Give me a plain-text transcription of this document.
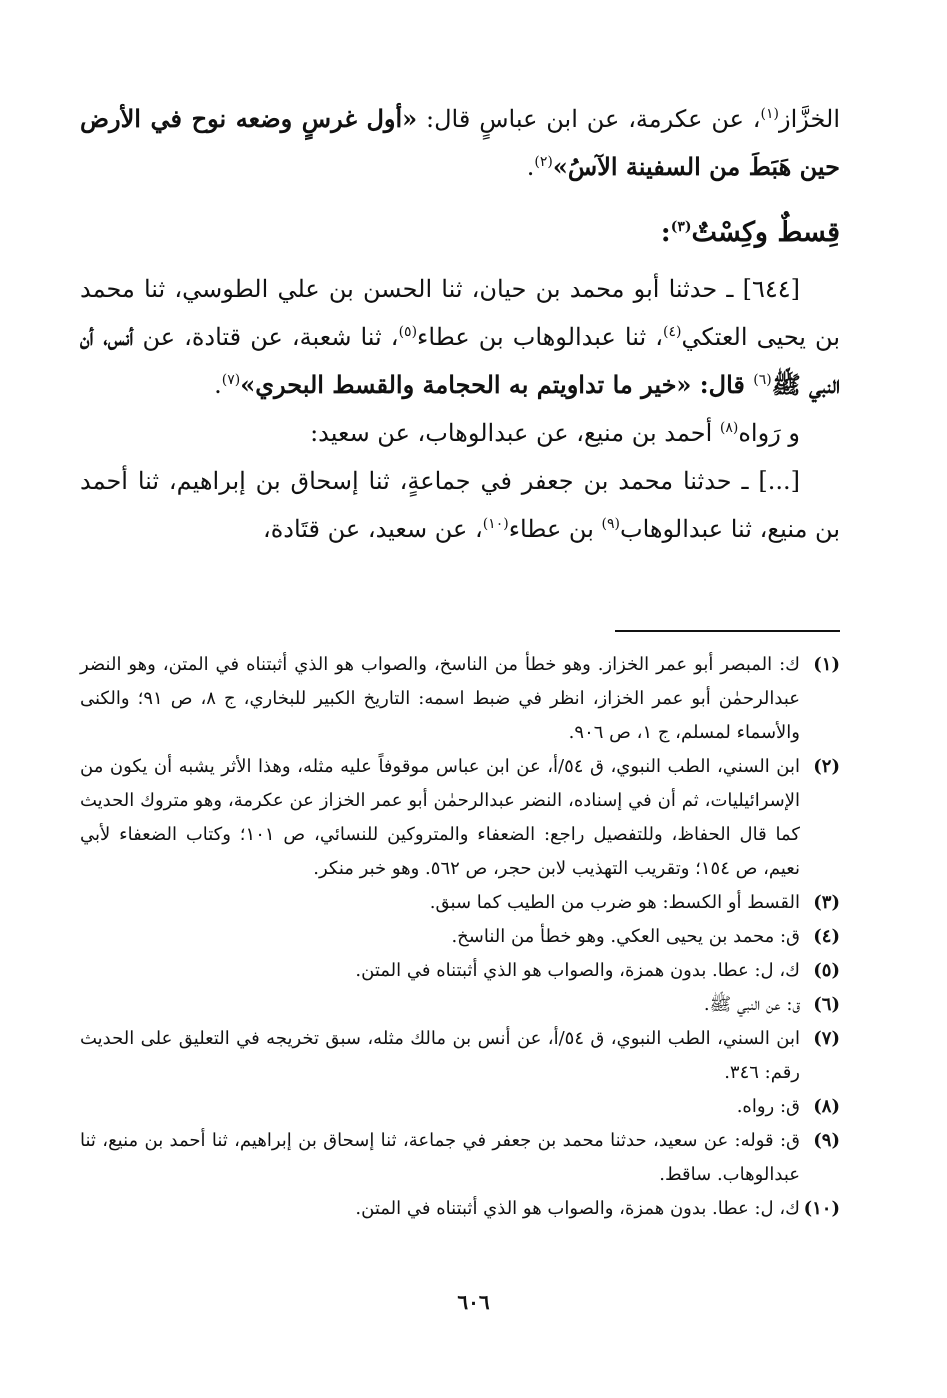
الخزَّاز$^{(١)}$، عن عكرمة، عن ابن عباسٍ قال: «أول غرسٍ وضعه نوح في الأرض حين هَبَطَ من السفينة الآسُ»$^{(٢)}$.

قِسطٌ وكِسْتٌ$^{(٣)}$:

[٦٤٤] ـ حدثنا أبو محمد بن حيان، ثنا الحسن بن علي الطوسي، ثنا محمد بن يحيى العتكي$^{(٤)}$، ثنا عبدالوهاب بن عطاء$^{(٥)}$، ثنا شعبة، عن قتادة، عن أنس، أن النبي ﷺ$^{(٦)}$ قال: «خير ما تداويتم به الحجامة والقسط البحري»$^{(٧)}$.

و رَواه$^{(٨)}$ أحمد بن منيع، عن عبدالوهاب، عن سعيد:

[...] ـ حدثنا محمد بن جعفر في جماعةٍ، ثنا إسحاق بن إبراهيم، ثنا أحمد بن منيع، ثنا عبدالوهاب$^{(٩)}$ بن عطاء$^{(١٠)}$، عن سعيد، عن قتَادة،

(١)
ك: المبصر أبو عمر الخزاز. وهو خطأ من الناسخ، والصواب هو الذي أثبتناه في المتن، وهو النضر عبدالرحمٰن أبو عمر الخزاز، انظر في ضبط اسمه: التاريخ الكبير للبخاري، ج ٨، ص ٩١؛ والكنى والأسماء لمسلم، ج ١، ص ٩٠٦.
(٢)
ابن السني، الطب النبوي، ق ٥٤/أ، عن ابن عباس موقوفاً عليه مثله، وهذا الأثر يشبه أن يكون من الإسرائيليات، ثم أن في إسناده، النضر عبدالرحمٰن أبو عمر الخزاز عن عكرمة، وهو متروك الحديث كما قال الحفاظ، وللتفصيل راجع: الضعفاء والمتروكين للنسائي، ص ١٠١؛ وكتاب الضعفاء لأبي نعيم، ص ١٥٤؛ وتقريب التهذيب لابن حجر، ص ٥٦٢. وهو خبر منكر.
(٣)
القسط أو الكسط: هو ضرب من الطيب كما سبق.
(٤)
ق: محمد بن يحيى العكي. وهو خطأ من الناسخ.
(٥)
ك، ل: عطا. بدون همزة، والصواب هو الذي أثبتناه في المتن.
(٦)
ق: عن النبي ﷺ.
(٧)
ابن السني، الطب النبوي، ق ٥٤/أ، عن أنس بن مالك مثله، سبق تخريجه في التعليق على الحديث رقم: ٣٤٦.
(٨)
ق: رواه.
(٩)
ق: قوله: عن سعيد، حدثنا محمد بن جعفر في جماعة، ثنا إسحاق بن إبراهيم، ثنا أحمد بن منيع، ثنا عبدالوهاب. ساقط.
(١٠)
ك، ل: عطا. بدون همزة، والصواب هو الذي أثبتناه في المتن.
٦٠٦
